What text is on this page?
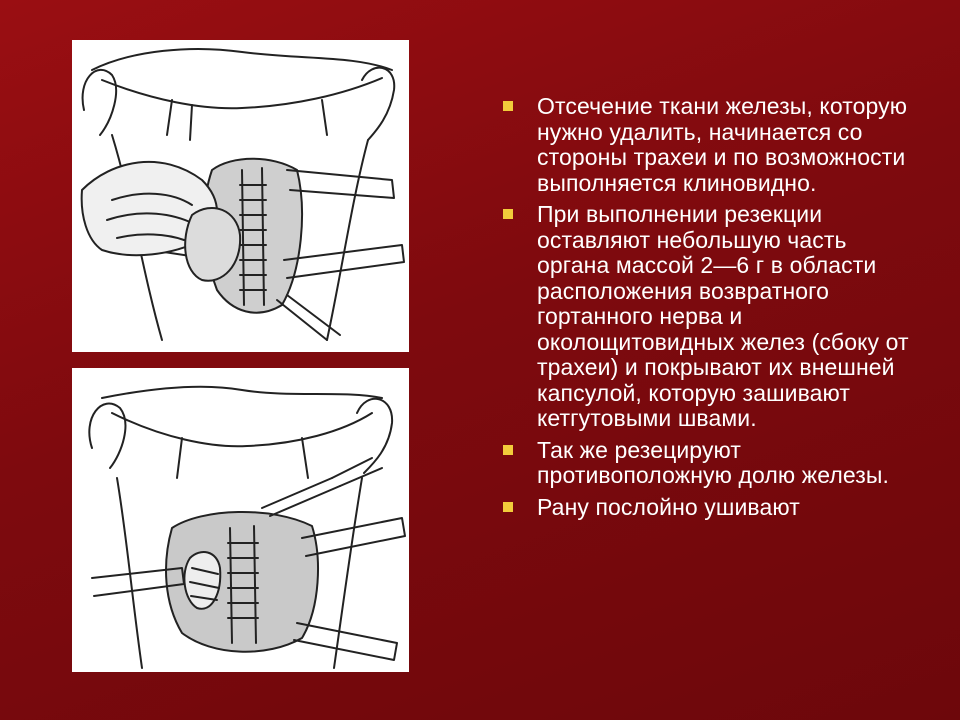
Отсечение ткани железы, которую нужно удалить, начинается со стороны трахеи и по возможности выполняется клиновидно.
При выполнении резекции оставляют небольшую часть органа массой 2—6 г в области расположения возвратного гортанного нерва и околощитовидных желез (сбоку от трахеи) и покрывают их внешней капсулой, которую зашивают кетгутовыми швами.
Так же резецируют противоположную долю железы.
Рану послойно ушивают
